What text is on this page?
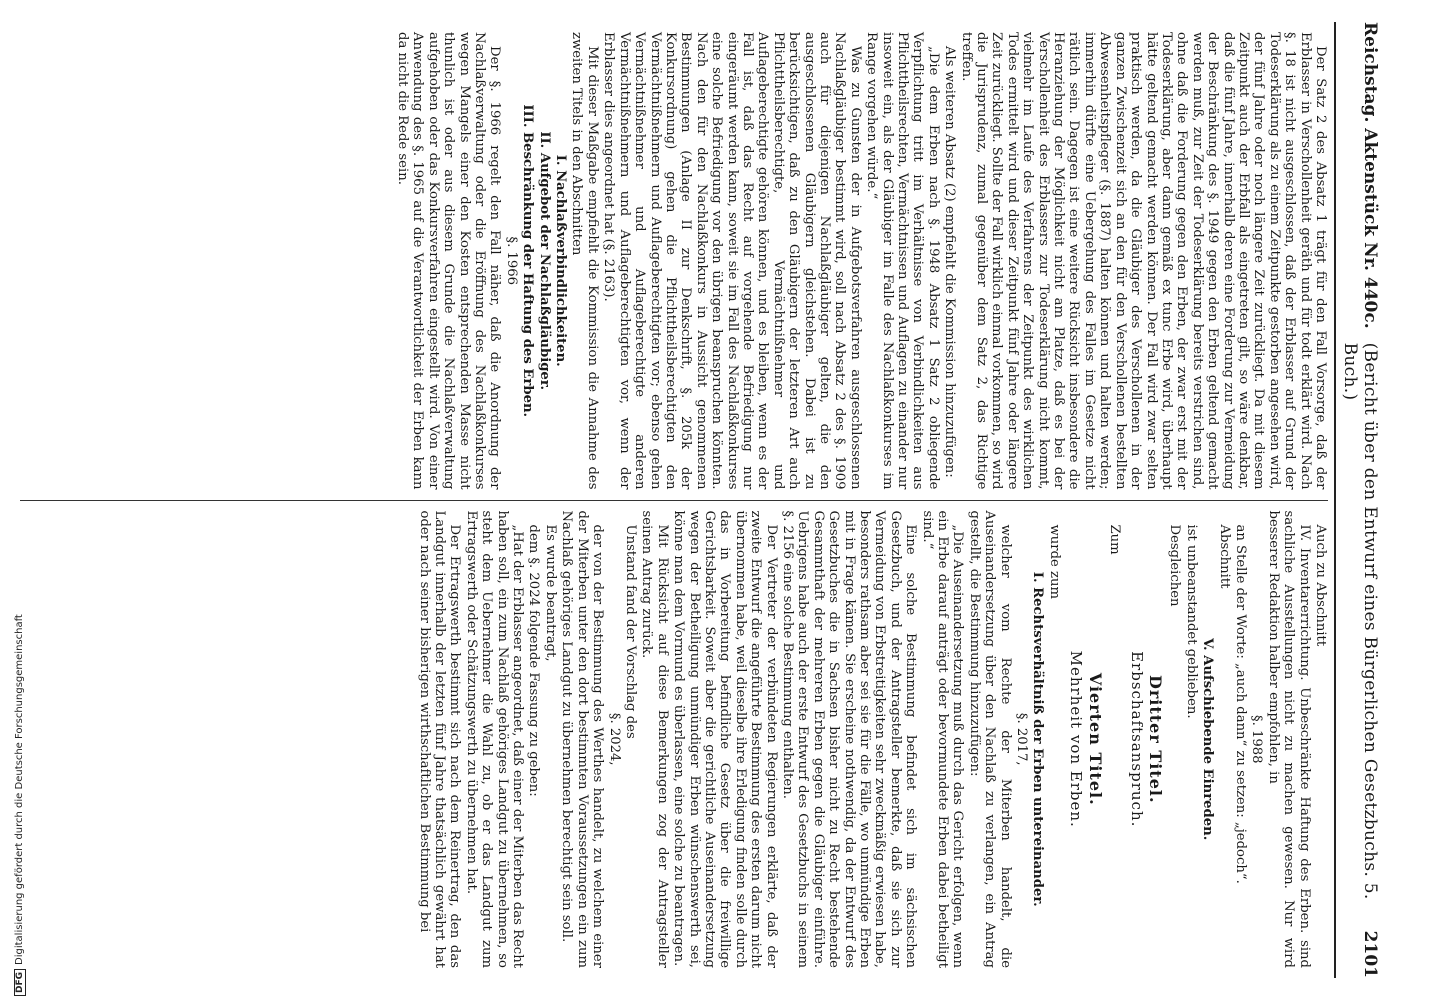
Reichstag. Aktenstück Nr. 440c.
(Bericht über den Entwurf eines Bürgerlichen Gesetzbuchs. 5. Buch.)
2101

Der Satz 2 des Absatz 1 trägt für den Fall Vorsorge, daß der Erblasser in Verschollenheit geräth und für todt erklärt wird. Nach §. 18 ist nicht ausgeschlossen, daß der Erblasser auf Grund der Todeserklärung als zu einem Zeitpunkte gestorben angesehen wird, der fünf Jahre oder noch längere Zeit zurückliegt. Da mit diesem Zeitpunkt auch der Erbfall als eingetreten gilt, so wäre denkbar, daß die fünf Jahre, innerhalb deren eine Forderung zur Vermeidung der Beschränkung des §. 1949 gegen den Erben geltend gemacht werden muß, zur Zeit der Todeserklärung bereits verstrichen sind, ohne daß die Forderung gegen den Erben, der zwar erst mit der Todeserklärung, aber dann gemäß ex tunc Erbe wird, überhaupt hätte geltend gemacht werden können. Der Fall wird zwar selten praktisch werden, da die Gläubiger des Verschollenen in der ganzen Zwischenzeit sich an den für den Verschollenen bestellten Abwesenheitspfleger (§. 1887) halten können und halten werden; immerhin dürfte eine Uebergehung des Falles im Gesetze nicht rätlich sein. Dagegen ist eine weitere Rücksicht insbesondere die Heranziehung der Möglichkeit nicht am Platze, daß es bei der Verschollenheit des Erblassers zur Todeserklärung nicht kommt, vielmehr im Laufe des Verfahrens der Zeitpunkt des wirklichen Todes ermittelt wird und dieser Zeitpunkt fünf Jahre oder längere Zeit zurückliegt. Sollte der Fall wirklich einmal vorkommen, so wird die Jurisprudenz, zumal gegenüber dem Satz 2, das Richtige treffen.

Als weiteren Absatz (2) empfiehlt die Kommission hinzuzufügen:

„Die dem Erben nach §. 1948 Absatz 1 Satz 2 obliegende Verpflichtung tritt im Verhältnisse von Verbindlichkeiten aus Pflichttheilsrechten, Vermächtnissen und Auflagen zu einander nur insoweit ein, als der Gläubiger im Falle des Nachlaßkonkurses im Range vorgehen würde.“

Was zu Gunsten der in Aufgebotsverfahren ausgeschlossenen Nachlaßgläubiger bestimmt wird, soll nach Absatz 2 des §. 1909 auch für diejenigen Nachlaßgläubiger gelten, die den ausgeschlossenen Gläubigern gleichstehen. Dabei ist zu berücksichtigen, daß zu den Gläubigern der letzteren Art auch Pflichttheilsberechtigte, Vermächtnißnehmer und Auflageberechtigte gehören können, und es bleiben, wenn es der Fall ist, daß das Recht auf vorgehende Befriedigung nur eingeräumt werden kann, soweit sie im Fall des Nachlaßkonkurses eine solche Befriedigung vor den übrigen beanspruchen könnten. Nach den für den Nachlaßkonkurs in Aussicht genommenen Bestimmungen (Anlage II zur Denkschrift, §. 205k der Konkursordnung) gehen die Pflichttheilsberechtigten den Vermächtnißnehmern und Auflageberechtigten vor; ebenso gehen Vermächtnißnehmer und Auflageberechtigte anderen Vermächtnißnehmern und Auflageberechtigten vor, wenn der Erblasser dies angeordnet hat (§. 2163).

Mit dieser Maßgabe empfiehlt die Kommission die Annahme des zweiten Titels in den Abschnitten

I. Nachlaßverbindlichkeiten.

II. Aufgebot der Nachlaßgläubiger.

III. Beschränkung der Haftung des Erben.

§. 1966

Der §. 1966 regelt den Fall näher, daß die Anordnung der Nachlaßverwaltung oder die Eröffnung des Nachlaßkonkurses wegen Mangels einer den Kosten entsprechenden Masse nicht thunlich ist oder aus diesem Grunde die Nachlaßverwaltung aufgehoben oder das Konkursverfahren eingestellt wird. Von einer Anwendung des §. 1965 auf die Verantwortlichkeit der Erben kann da nicht die Rede sein.

Auch zu Abschnitt

IV. Inventarerrichtung. Unbeschränkte Haftung des Erben. sind sachliche Ausstellungen nicht zu machen gewesen. Nur wird besserer Redaktion halber empfohlen, in

§. 1988

an Stelle der Worte: „auch dann“ zu setzen: „jedoch“.

Abschnitt

V. Aufschiebende Einreden.

ist unbeanstandet geblieben.

Desgleichen

Dritter Titel.
Erbschaftsanspruch.

Zum

Vierten Titel.
Mehrheit von Erben.

wurde zum

I. Rechtsverhältniß der Erben untereinander.

§. 2017,

welcher vom Rechte der Miterben handelt, die Auseinandersetzung über den Nachlaß zu verlangen, ein Antrag gestellt, die Bestimmung hinzuzufügen:

„Die Auseinandersetzung muß durch das Gericht erfolgen, wenn ein Erbe darauf anträgt oder bevormundete Erben dabei betheiligt sind.“

Eine solche Bestimmung befindet sich im sächsischen Gesetzbuch, und der Antragsteller bemerkte, daß sie sich zur Vermeidung von Erbstreitigkeiten sehr zweckmäßig erwiesen habe, besonders rathsam aber sei sie für die Fälle, wo unmündige Erben mit in Frage kämen. Sie erscheine nothwendig, da der Entwurf des Gesetzbuches die in Sachsen bisher nicht zu Recht bestehende Gesammthaft der mehreren Erben gegen die Gläubiger einführe. Uebrigens habe auch der erste Entwurf des Gesetzbuchs in seinem §. 2156 eine solche Bestimmung enthalten.

Der Vertreter der verbündeten Regierungen erklärte, daß der zweite Entwurf die angeführte Bestimmung des ersten darum nicht übernommen habe, weil dieselbe ihre Erledigung finden solle durch das in Vorbereitung befindliche Gesetz über die freiwillige Gerichtsbarkeit. Soweit aber die gerichtliche Auseinandersetzung wegen der Betheiligung unmündiger Erben wünschenswerth sei, könne man dem Vormund es überlassen, eine solche zu beantragen.

Mit Rücksicht auf diese Bemerkungen zog der Antragsteller seinen Antrag zurück.

Unstand fand der Vorschlag des

§. 2024,

der von der Bestimmung des Werthes handelt, zu welchem einer der Miterben unter den dort bestimmten Voraussetzungen ein zum Nachlaß gehöriges Landgut zu übernehmen berechtigt sein soll.

Es wurde beantragt,

dem §. 2024 folgende Fassung zu geben:

„Hat der Erblasser angeordnet, daß einer der Miterben das Recht haben soll, ein zum Nachlaß gehöriges Landgut zu übernehmen, so steht dem Uebernehmer die Wahl zu, ob er das Landgut zum Ertragswerth oder Schätzungswerth zu übernehmen hat.

Der Ertragswerth bestimmt sich nach dem Reinertrag, den das Landgut innerhalb der letzten fünf Jahre thatsächlich gewährt hat oder nach seiner bisherigen wirthschaftlichen Bestimmung bei

DFGDigitalisierung gefördert durch die Deutsche Forschungsgemeinschaft
